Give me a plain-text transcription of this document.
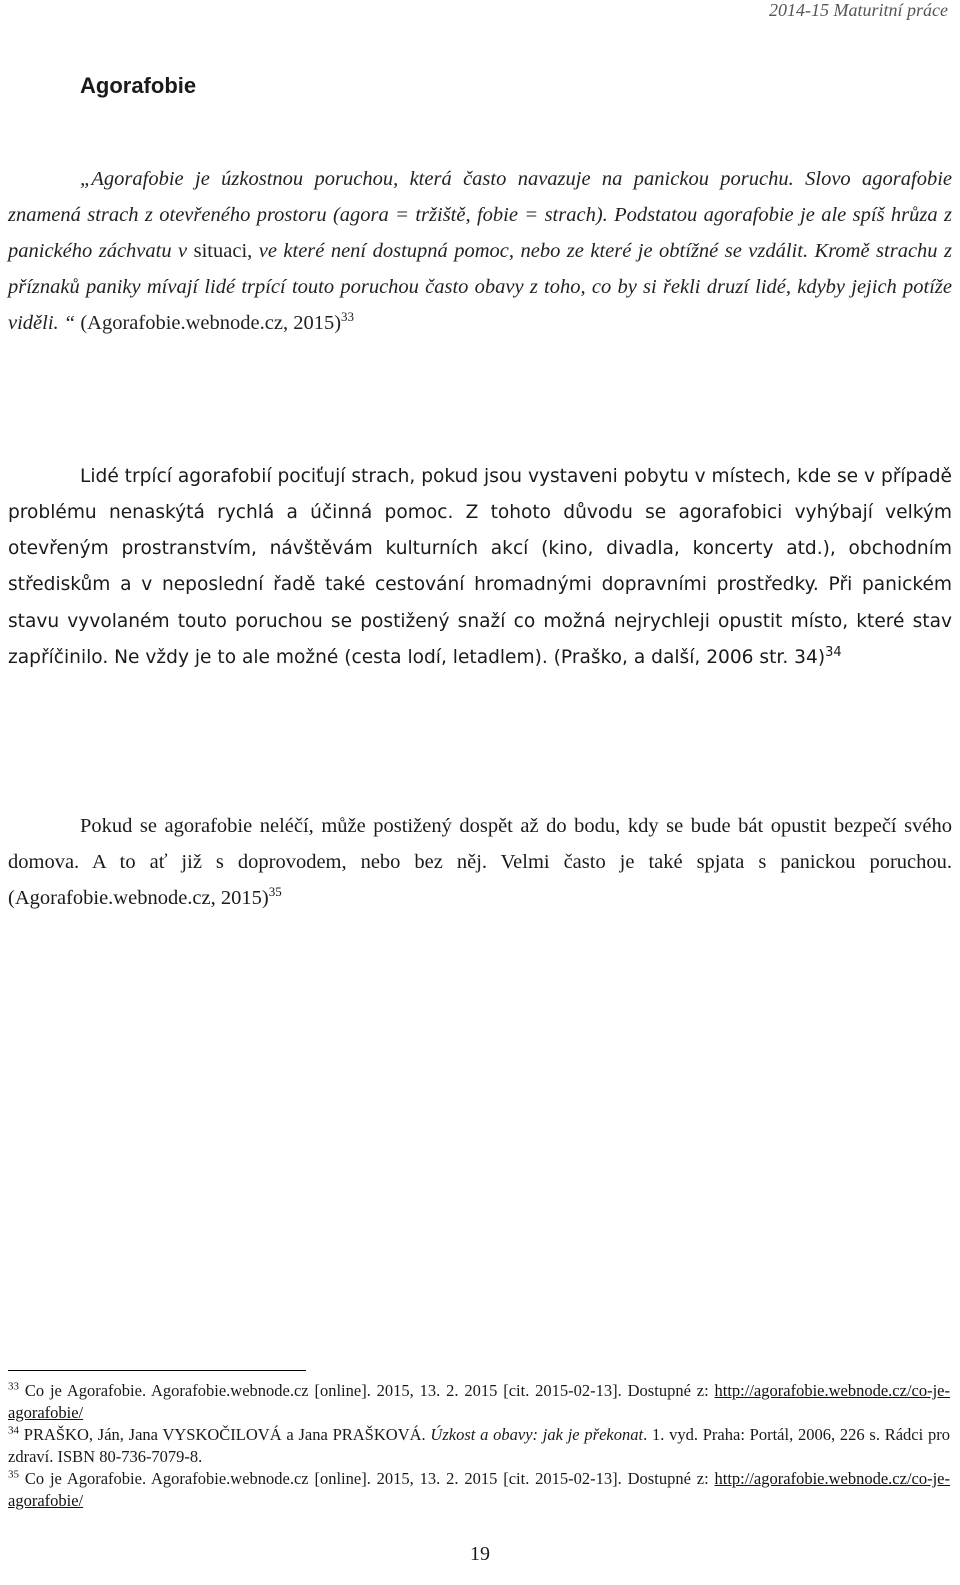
2014-15 Maturitní práce
Agorafobie

„Agorafobie je úzkostnou poruchou, která často navazuje na panickou poruchu. Slovo agorafobie znamená strach z otevřeného prostoru (agora = tržiště, fobie = strach). Podstatou agorafobie je ale spíš hrůza z panického záchvatu v situaci, ve které není dostupná pomoc, nebo ze které je obtížné se vzdálit. Kromě strachu z příznaků paniky mívají lidé trpící touto poruchou často obavy z toho, co by si řekli druzí lidé, kdyby jejich potíže viděli. “ (Agorafobie.webnode.cz, 2015)$^{33}$

Lidé trpící agorafobií pociťují strach, pokud jsou vystaveni pobytu v místech, kde se v případě problému nenaskýtá rychlá a účinná pomoc. Z tohoto důvodu se agorafobici vyhýbají velkým otevřeným prostranstvím, návštěvám kulturních akcí (kino, divadla, koncerty atd.), obchodním střediskům a v neposlední řadě také cestování hromadnými dopravními prostředky. Při panickém stavu vyvolaném touto poruchou se postižený snaží co možná nejrychleji opustit místo, které stav zapříčinilo. Ne vždy je to ale možné (cesta lodí, letadlem). (Praško, a další, 2006 str. 34)$^{34}$

Pokud se agorafobie neléčí, může postižený dospět až do bodu, kdy se bude bát opustit bezpečí svého domova. A to ať již s doprovodem, nebo bez něj. Velmi často je také spjata s panickou poruchou. (Agorafobie.webnode.cz, 2015)$^{35}$

$^{33}$ Co je Agorafobie. Agorafobie.webnode.cz [online]. 2015, 13. 2. 2015 [cit. 2015-02-13]. Dostupné z: http://agorafobie.webnode.cz/co-je-agorafobie/

$^{34}$ PRAŠKO, Ján, Jana VYSKOČILOVÁ a Jana PRAŠKOVÁ. Úzkost a obavy: jak je překonat. 1. vyd. Praha: Portál, 2006, 226 s. Rádci pro zdraví. ISBN 80-736-7079-8.

$^{35}$ Co je Agorafobie. Agorafobie.webnode.cz [online]. 2015, 13. 2. 2015 [cit. 2015-02-13]. Dostupné z: http://agorafobie.webnode.cz/co-je-agorafobie/

19
